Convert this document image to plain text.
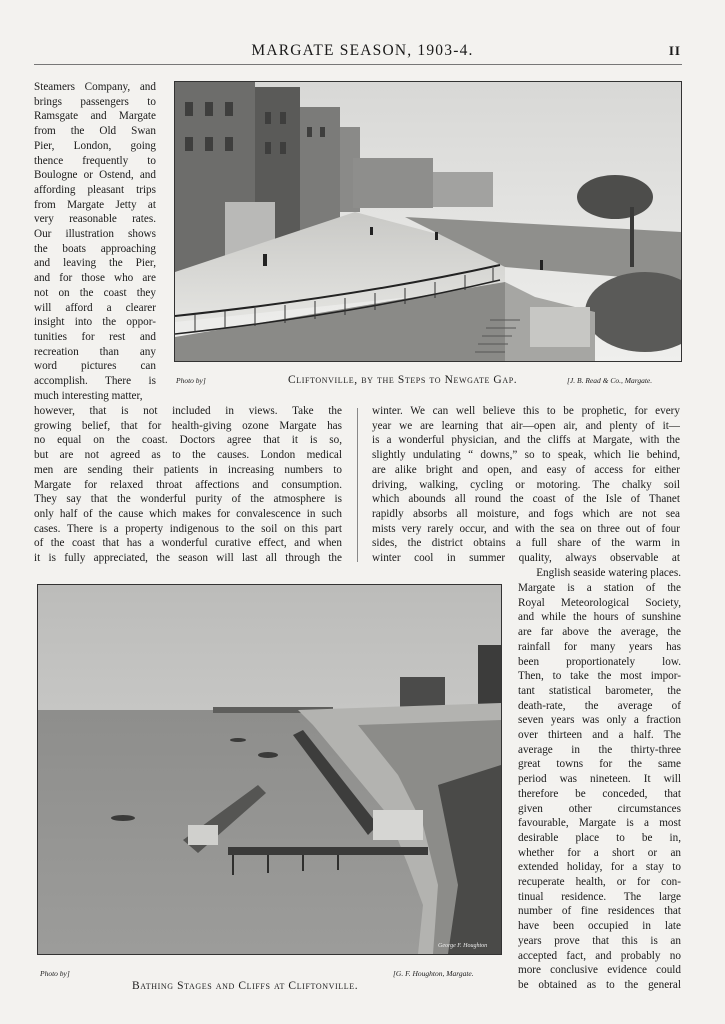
MARGATE SEASON, 1903-4.	II
Steamers Company, and
brings passengers to
Ramsgate and Margate
from the Old Swan
Pier, London, going
thence frequently to
Boulogne or Ostend, and
affording pleasant trips
from Margate Jetty at
very reasonable rates.
Our illustration shows
the boats approaching
and leaving the Pier,
and for those who are
not on the coast they
will afford a clearer
insight into the oppor-
tunities for rest and
recreation than any
word pictures can
accomplish. There is
much interesting matter,
Photo by]	Cliftonville, by the Steps to Newgate Gap.	[J. B. Read & Co., Margate.
however, that is not included in views. Take the
growing belief, that for health-giving ozone Margate has
no equal on the coast. Doctors agree that it is so,
but are not agreed as to the causes. London medical
men are sending their patients in increasing numbers to
Margate for relaxed throat affections and consumption.
They say that the wonderful purity of the atmosphere is
only half of the cause which makes for convalescence in such
cases. There is a property indigenous to the soil on this part
of the coast that has a wonderful curative effect, and when
it is fully appreciated, the season will last all through the
winter. We can well believe this to be prophetic, for every
year we are learning that air—open air, and plenty of it—
is a wonderful physician, and the cliffs at Margate, with the
slightly undulating “ downs,” so to speak, which lie behind,
are alike bright and open, and easy of access for either
driving, walking, cycling or motoring. The chalky soil
which abounds all round the coast of the Isle of Thanet
rapidly absorbs all moisture, and fogs which are not sea
mists very rarely occur, and with the sea on three out of four
sides, the district obtains a full share of the warm in
winter cool in summer quality, always observable at
English seaside watering places.
Margate is a station of the
Royal Meteorological Society,
and while the hours of sunshine
are far above the average, the
rainfall for many years has
been proportionately low.
Then, to take the most impor-
tant statistical barometer, the
death-rate, the average of
seven years was only a fraction
over thirteen and a half. The
average in the thirty-three
great towns for the same
period was nineteen. It will
therefore be conceded, that
given other circumstances
favourable, Margate is a most
desirable place to be in,
whether for a short or an
extended holiday, for a stay to
recuperate health, or for con-
tinual residence. The large
number of fine residences that
have been occupied in late
years prove that this is an
accepted fact, and probably no
more conclusive evidence could
be obtained as to the general
George F. Houghton
Photo by]	[G. F. Houghton, Margate.
Bathing Stages and Cliffs at Cliftonville.
